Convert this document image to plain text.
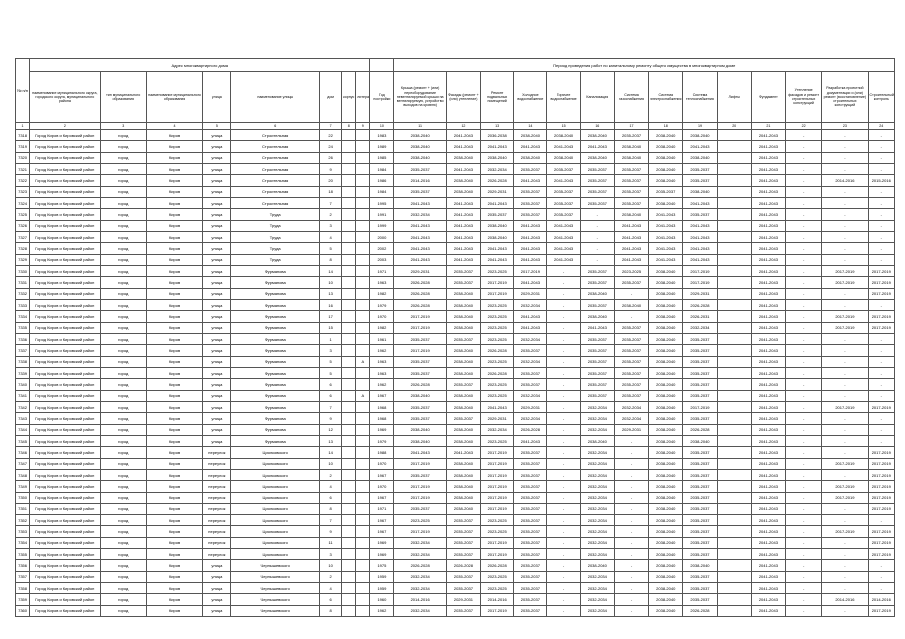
№ п/п	Адрес многоквартирного дома									Период проведения работ по капитальному ремонту общего имущества в многоквартирном доме													
	наименование муниципального округа, городского округа, муниципального района	тип муниципального образования	наименование муниципального образования	улица	наименование улицы	дом	корпус	литера	Год постройки	Крыша (ремонт + (или) переоборудование невентилируемой крыши на вентилируемую, устройство выходов на кровлю)	Фасады (ремонт + (или) утепление)	Ремонт подвальных помещений	Холодное водоснабжение	Горячее водоснабжение	Канализация	Система газоснабжения	Система электроснабжения	Система теплоснабжения	Лифты	Фундамент	Утепление фасадов и ремонт строительных конструкций	Разработка проектной документации и (или) ремонт (восстановление) строительных конструкций	Строительный контроль
1	2	3	4	5	6	7	8	9	10	11	12	13	14	15	16	17	18	19	20	21	22	23	24
7318	Город Киров и Кировский район	город	Киров	улица	Строительная	22			1983	2038-2040	2041-2043	2036-2038	2038-2040	2038-2040	2038-2040	2035-2037	2038-2040	2038-2040		2041-2043	-	-	-
7319	Город Киров и Кировский район	город	Киров	улица	Строительная	24			1989	2038-2040	2041-2043	2041-2043	2041-2043	2041-2043	2041-2043	2038-2040	2038-2040	2041-2043		2041-2043	-	-	-
7320	Город Киров и Кировский район	город	Киров	улица	Строительная	26			1985	2038-2040	2038-2040	2038-2040	2038-2040	2038-2040	2038-2040	2038-2040	2038-2040	2038-2040		2041-2043	-	-	-
7321	Город Киров и Кировский район	город	Киров	улица	Строительная	9			1984	2035-2037	2041-2043	2032-2034	2035-2037	2035-2037	2035-2037	2035-2037	2038-2040	2035-2037		2041-2043	-	-	-
7322	Город Киров и Кировский район	город	Киров	улица	Строительная	20			1986	2014-2016	2038-2040	2026-2028	2041-2043	2041-2043	2035-2037	2035-2037	2038-2040	2035-2037		2041-2043	-	2014-2016	2015-2016
7323	Город Киров и Кировский район	город	Киров	улица	Строительная	18			1984	2035-2037	2038-2040	2029-2031	2035-2037	2035-2037	2035-2037	2035-2037	2035-2037	2038-2040		2041-2043	-	-	-
7324	Город Киров и Кировский район	город	Киров	улица	Строительная	7			1995	2041-2043	2041-2043	2041-2043	2035-2037	2035-2037	2035-2037	2035-2037	2038-2040	2041-2043		2041-2043	-	-	-
7325	Город Киров и Кировский район	город	Киров	улица	Труда	2			1991	2032-2034	2041-2043	2035-2037	2035-2037	2035-2037	-	2038-2040	2041-2043	2035-2037		2041-2043	-	-	-
7326	Город Киров и Кировский район	город	Киров	улица	Труда	3			1999	2041-2043	2041-2043	2038-2040	2041-2043	2041-2043	-	2041-2043	2041-2043	2041-2043		2041-2043	-	-	-
7327	Город Киров и Кировский район	город	Киров	улица	Труда	4			2000	2041-2043	2041-2043	2038-2040	2041-2043	2041-2043	-	2041-2043	2041-2043	2041-2043		2041-2043	-	-	-
7328	Город Киров и Кировский район	город	Киров	улица	Труда	5			2002	2041-2043	2041-2043	2041-2043	2041-2043	2041-2043	-	2041-2043	2041-2043	2041-2043		2041-2043	-	-	-
7329	Город Киров и Кировский район	город	Киров	улица	Труда	8			2003	2041-2043	2041-2043	2041-2043	2041-2043	2041-2043	-	2041-2043	2041-2043	2041-2043		2041-2043	-	-	-
7330	Город Киров и Кировский район	город	Киров	улица	Фурманова	14			1971	2029-2031	2035-2037	2023-2025	2017-2019	-	2035-2037	2023-2025	2038-2040	2017-2019		2041-2043	-	2017-2019	2017-2019
7331	Город Киров и Кировский район	город	Киров	улица	Фурманова	10			1963	2026-2028	2035-2037	2017-2019	2041-2043	-	2035-2037	2035-2037	2038-2040	2017-2019		2041-2043	-	2017-2019	2017-2019
7332	Город Киров и Кировский район	город	Киров	улица	Фурманова	13			1982	2026-2028	2038-2040	2017-2019	2029-2031	-	2038-2040	-	2038-2040	2029-2031		2041-2043	-	-	2017-2019
7333	Город Киров и Кировский район	город	Киров	улица	Фурманова	16			1979	2026-2028	2038-2040	2023-2025	2032-2034	-	2035-2037	2038-2040	2038-2040	2026-2028		2041-2043	-	-	-
7334	Город Киров и Кировский район	город	Киров	улица	Фурманова	17			1970	2017-2019	2038-2040	2023-2025	2041-2043	-	2038-2040	-	2038-2040	2026-2031		2041-2043	-	2017-2019	2017-2019
7335	Город Киров и Кировский район	город	Киров	улица	Фурманова	15			1982	2017-2019	2038-2040	2023-2025	2041-2043	-	2041-2043	2035-2037	2038-2040	2032-2034		2041-2043	-	2017-2019	2017-2019
7336	Город Киров и Кировский район	город	Киров	улица	Фурманова	1			1961	2035-2037	2035-2037	2023-2025	2032-2034	-	2035-2037	2035-2037	2038-2040	2035-2037		2041-2043	-	-	-
7337	Город Киров и Кировский район	город	Киров	улица	Фурманова	3			1962	2017-2019	2038-2040	2026-2028	2035-2037	-	2035-2037	2035-2037	2038-2040	2035-2037		2041-2043	-	-	-
7338	Город Киров и Кировский район	город	Киров	улица	Фурманова	5		А	1963	2035-2037	2038-2040	2023-2025	2032-2034	-	2035-2037	2035-2037	2038-2040	2035-2037		2041-2043	-	-	-
7339	Город Киров и Кировский район	город	Киров	улица	Фурманова	5			1963	2035-2037	2038-2040	2026-2028	2035-2037	-	2035-2037	2035-2037	2038-2040	2035-2037		2041-2043	-	-	-
7340	Город Киров и Кировский район	город	Киров	улица	Фурманова	6			1962	2026-2028	2035-2037	2023-2025	2035-2037	-	2035-2037	2035-2037	2038-2040	2035-2037		2041-2043	-	-	-
7341	Город Киров и Кировский район	город	Киров	улица	Фурманова	6		А	1967	2038-2040	2038-2040	2023-2025	2032-2034	-	2035-2037	2035-2037	2038-2040	2035-2037		2041-2043	-	-	-
7342	Город Киров и Кировский район	город	Киров	улица	Фурманова	7			1968	2035-2037	2038-2040	2041-2043	2029-2031	-	2032-2034	2032-2034	2038-2040	2017-2019		2041-2043	-	2017-2019	2017-2019
7343	Город Киров и Кировский район	город	Киров	улица	Фурманова	9			1968	2035-2037	2035-2037	2029-2031	2032-2034	-	2032-2034	2032-2034	2038-2040	2035-2037		2041-2043	-	-	-
7344	Город Киров и Кировский район	город	Киров	улица	Фурманова	12			1969	2038-2040	2038-2040	2032-2034	2026-2028	-	2032-2034	2029-2031	2038-2040	2026-2028		2041-2043	-	-	-
7345	Город Киров и Кировский район	город	Киров	улица	Фурманова	13			1979	2038-2040	2038-2040	2023-2025	2041-2043	-	2038-2040	-	2038-2040	2038-2040		2041-2043	-	-	-
7346	Город Киров и Кировский район	город	Киров	переулок	Циолковского	14			1988	2041-2043	2041-2043	2017-2019	2035-2037	-	2032-2034	-	2038-2040	2035-2037		2041-2043	-	-	2017-2019
7347	Город Киров и Кировский район	город	Киров	переулок	Циолковского	10			1970	2017-2019	2038-2040	2017-2019	2035-2037	-	2032-2034	-	2038-2040	2035-2037		2041-2043	-	2017-2019	2017-2019
7348	Город Киров и Кировский район	город	Киров	переулок	Циолковского	2			1967	2035-2037	2038-2040	2017-2019	2035-2037	-	2032-2034	-	2038-2040	2035-2037		2041-2043	-	-	2017-2019
7349	Город Киров и Кировский район	город	Киров	переулок	Циолковского	4			1970	2017-2019	2038-2040	2017-2019	2035-2037	-	2032-2034	-	2038-2040	2035-2037		2041-2043	-	2017-2019	2017-2019
7350	Город Киров и Кировский район	город	Киров	переулок	Циолковского	6			1967	2017-2019	2038-2040	2017-2019	2035-2037	-	2032-2034	-	2038-2040	2035-2037		2041-2043	-	2017-2019	2017-2019
7351	Город Киров и Кировский район	город	Киров	переулок	Циолковского	8			1971	2035-2037	2038-2040	2017-2019	2035-2037	-	2032-2034	-	2038-2040	2035-2037		2041-2043	-	-	2017-2019
7352	Город Киров и Кировский район	город	Киров	переулок	Циолковского	7			1967	2023-2025	2035-2037	2023-2025	2035-2037	-	2032-2034	-	2038-2040	2035-2037		2041-2043	-	-	-
7353	Город Киров и Кировский район	город	Киров	переулок	Циолковского	9			1967	2017-2019	2035-2037	2023-2025	2035-2037	-	2032-2034	-	2038-2040	2035-2037		2041-2043	-	2017-2019	2017-2019
7354	Город Киров и Кировский район	город	Киров	переулок	Циолковского	11			1969	2032-2034	2035-2037	2017-2019	2035-2037	-	2032-2034	-	2038-2040	2035-2037		2041-2043	-	-	2017-2019
7355	Город Киров и Кировский район	город	Киров	переулок	Циолковского	3			1969	2032-2034	2035-2037	2017-2019	2035-2037	-	2032-2034	-	2038-2040	2035-2037		2041-2043	-	-	2017-2019
7356	Город Киров и Кировский район	город	Киров	улица	Чернышевского	10			1975	2026-2028	2026-2028	2026-2028	2035-2037	-	2038-2040	-	2038-2040	2038-2040		2041-2043	-	-	-
7357	Город Киров и Кировский район	город	Киров	улица	Чернышевского	2			1959	2032-2034	2035-2037	2023-2025	2035-2037	-	2032-2034	-	2038-2040	2035-2037		2041-2043	-	-	-
7358	Город Киров и Кировский район	город	Киров	улица	Чернышевского	4			1959	2032-2034	2035-2037	2023-2025	2035-2037	-	2032-2034	-	2038-2040	2035-2037		2041-2043	-	-	-
7359	Город Киров и Кировский район	город	Киров	улица	Чернышевского	6			1960	2014-2016	2029-2031	2014-2016	2035-2037	-	2032-2034	-	2038-2040	2035-2037		2041-2043	-	2014-2016	2014-2016
7360	Город Киров и Кировский район	город	Киров	улица	Чернышевского	8			1962	2032-2034	2035-2037	2017-2019	2035-2037	-	2032-2034	-	2038-2040	2026-2028		2041-2043	-	-	2017-2019
